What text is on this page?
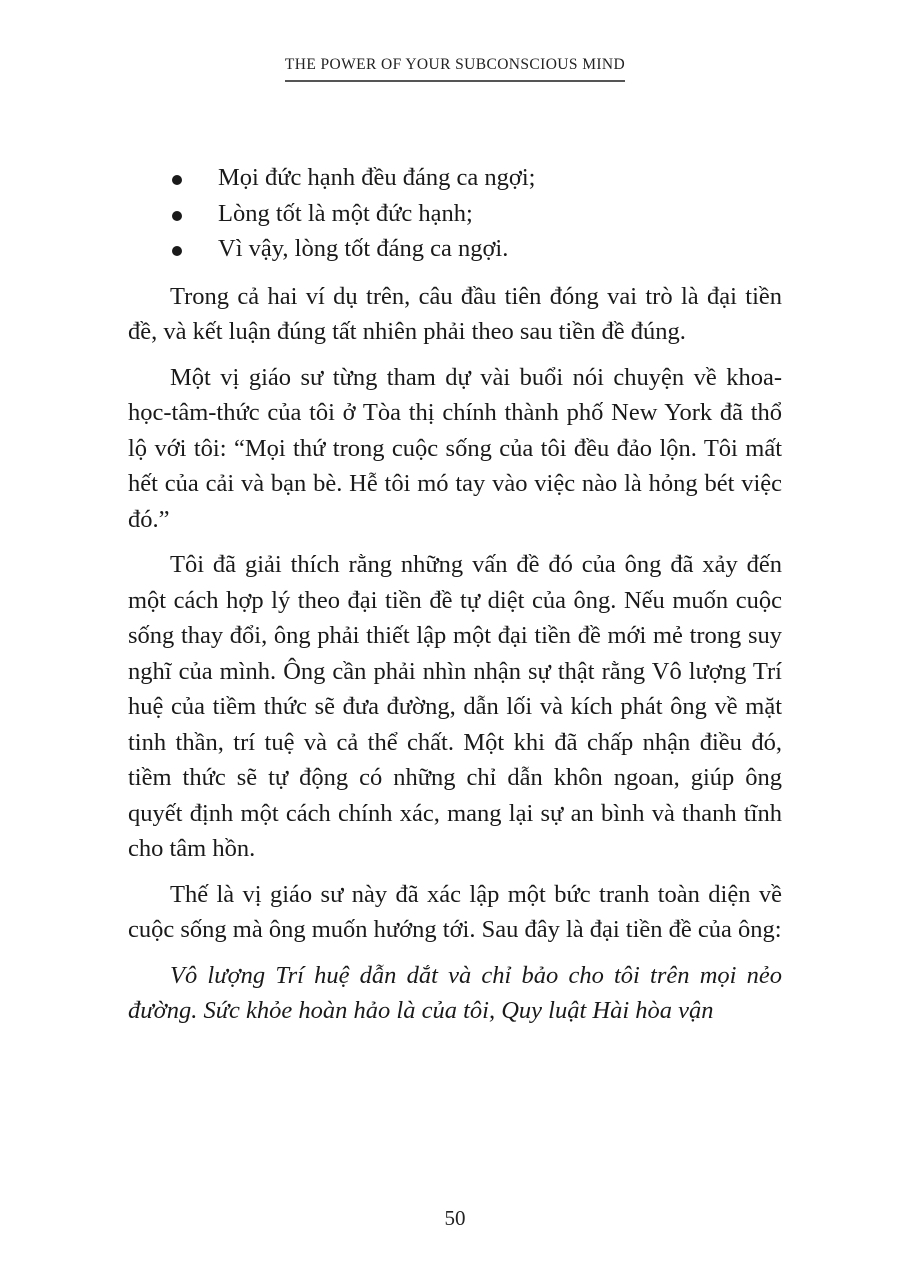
THE POWER OF YOUR SUBCONSCIOUS MIND
Mọi đức hạnh đều đáng ca ngợi;
Lòng tốt là một đức hạnh;
Vì vậy, lòng tốt đáng ca ngợi.

Trong cả hai ví dụ trên, câu đầu tiên đóng vai trò là đại tiền đề, và kết luận đúng tất nhiên phải theo sau tiền đề đúng.

Một vị giáo sư từng tham dự vài buổi nói chuyện về khoa-học-tâm-thức của tôi ở Tòa thị chính thành phố New York đã thổ lộ với tôi: “Mọi thứ trong cuộc sống của tôi đều đảo lộn. Tôi mất hết của cải và bạn bè. Hễ tôi mó tay vào việc nào là hỏng bét việc đó.”

Tôi đã giải thích rằng những vấn đề đó của ông đã xảy đến một cách hợp lý theo đại tiền đề tự diệt của ông. Nếu muốn cuộc sống thay đổi, ông phải thiết lập một đại tiền đề mới mẻ trong suy nghĩ của mình. Ông cần phải nhìn nhận sự thật rằng Vô lượng Trí huệ của tiềm thức sẽ đưa đường, dẫn lối và kích phát ông về mặt tinh thần, trí tuệ và cả thể chất. Một khi đã chấp nhận điều đó, tiềm thức sẽ tự động có những chỉ dẫn khôn ngoan, giúp ông quyết định một cách chính xác, mang lại sự an bình và thanh tĩnh cho tâm hồn.

Thế là vị giáo sư này đã xác lập một bức tranh toàn diện về cuộc sống mà ông muốn hướng tới. Sau đây là đại tiền đề của ông:

Vô lượng Trí huệ dẫn dắt và chỉ bảo cho tôi trên mọi nẻo đường. Sức khỏe hoàn hảo là của tôi, Quy luật Hài hòa vận

50
